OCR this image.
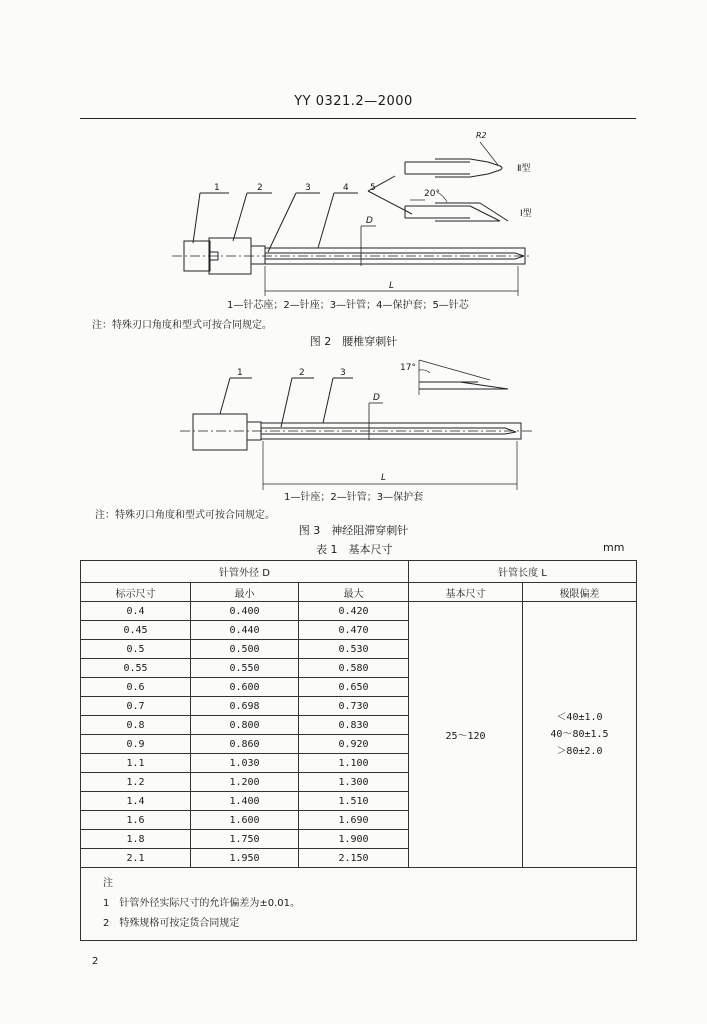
YY 0321.2—2000
1	2	3	4 5
D
L
R2
20°
Ⅱ型
Ⅰ型
1—针芯座；2—针座；3—针管；4—保护套；5—针芯
注：特殊刃口角度和型式可按合同规定。
图 2　腰椎穿刺针
1	2	3
D
L
17°
1—针座；2—针管；3—保护套
注：特殊刃口角度和型式可按合同规定。
图 3　神经阻滞穿刺针
表 1　基本尺寸	mm
针管外径 D			针管长度 L	
标示尺寸	最小	最大	基本尺寸	极限偏差
0.4	0.400	0.420	25～120	＜40±1.0
40～80±1.5
＞80±2.0

0.45	0.440	0.470		
0.5	0.500	0.530		
0.55	0.550	0.580		
0.6	0.600	0.650		
0.7	0.698	0.730		
0.8	0.800	0.830		
0.9	0.860	0.920		
1.1	1.030	1.100		
1.2	1.200	1.300		
1.4	1.400	1.510		
1.6	1.600	1.690		
1.8	1.750	1.900		
2.1	1.950	2.150		

注
1　针管外径实际尺寸的允许偏差为±0.01。
2　特殊规格可按定货合同规定				
2
